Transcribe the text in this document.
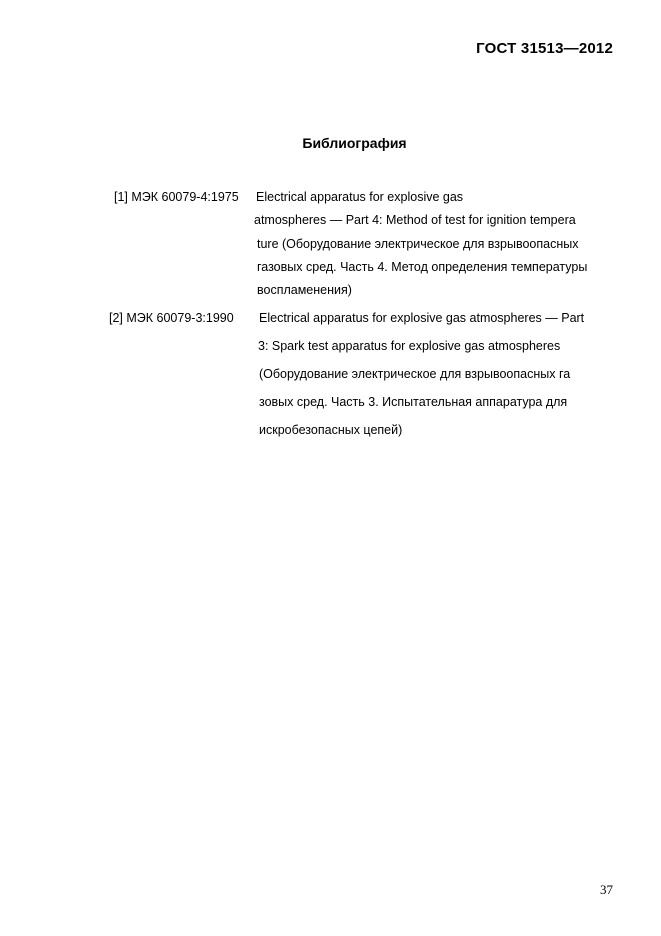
ГОСТ 31513—2012
Библиография
[1] МЭК 60079-4:1975 Electrical apparatus for explosive gas
atmospheres — Part 4: Method of test for ignition tempera
ture (Оборудование электрическое для взрывоопасных
газовых сред. Часть 4. Метод определения температуры
воспламенения)
[2] МЭК 60079-3:1990 Electrical apparatus for explosive gas atmospheres — Part
3: Spark test apparatus for explosive gas atmospheres
(Оборудование электрическое для взрывоопасных га
зовых сред. Часть 3. Испытательная аппаратура для
искробезопасных цепей)
37
